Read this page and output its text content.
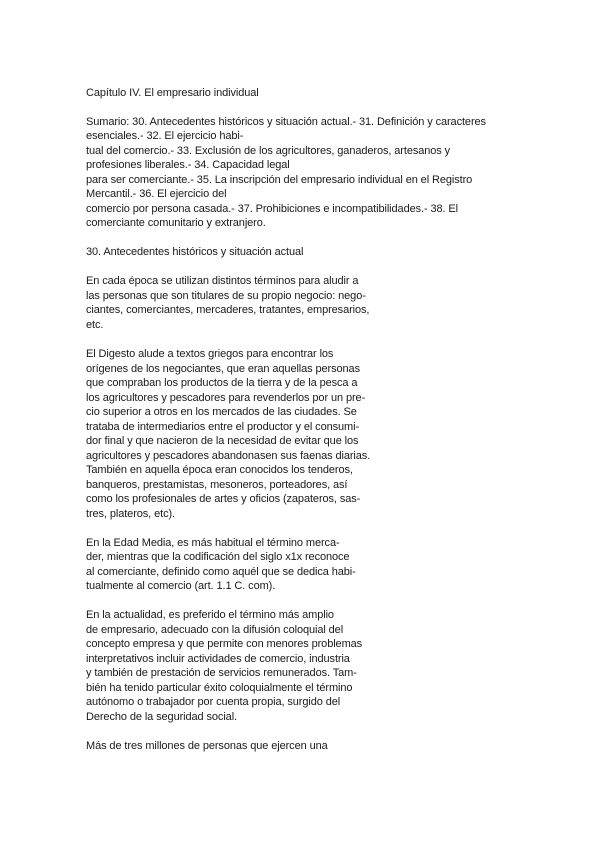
Capítulo IV. El empresario individual
Sumario: 30. Antecedentes históricos y situación actual.- 31. Definición y caracteres
esenciales.- 32. El ejercicio habi-
tual del comercio.- 33. Exclusión de los agricultores, ganaderos, artesanos y
profesiones liberales.- 34. Capacidad legal
para ser comerciante.- 35. La inscripción del empresario individual en el Registro
Mercantil.- 36. El ejercicio del
comercio por persona casada.- 37. Prohibiciones e incompatibilidades.- 38. El
comerciante comunitario y extranjero.
30. Antecedentes históricos y situación actual
En cada época se utilizan distintos términos para aludir a
las personas que son titulares de su propio negocio: nego-
ciantes, comerciantes, mercaderes, tratantes, empresarios,
etc.
El Digesto alude a textos griegos para encontrar los
orígenes de los negociantes, que eran aquellas personas
que compraban los productos de la tierra y de la pesca a
los agricultores y pescadores para revenderlos por un pre-
cio superior a otros en los mercados de las ciudades. Se
trataba de intermediarios entre el productor y el consumi-
dor final y que nacieron de la necesidad de evitar que los
agricultores y pescadores abandonasen sus faenas diarias.
También en aquella época eran conocidos los tenderos,
banqueros, prestamistas, mesoneros, porteadores, así
como los profesionales de artes y oficios (zapateros, sas-
tres, plateros, etc).
En la Edad Media, es más habitual el término merca-
der, mientras que la codificación del siglo x1x reconoce
al comerciante, definido como aquél que se dedica habi-
tualmente al comercio (art. 1.1 C. com).
En la actualidad, es preferido el término más amplio
de empresario, adecuado con la difusión coloquial del
concepto empresa y que permite con menores problemas
interpretativos incluir actividades de comercio, industria
y también de prestación de servicios remunerados. Tam-
bién ha tenido particular éxito coloquialmente el término
autónomo o trabajador por cuenta propia, surgido del
Derecho de la seguridad social.
Más de tres millones de personas que ejercen una
